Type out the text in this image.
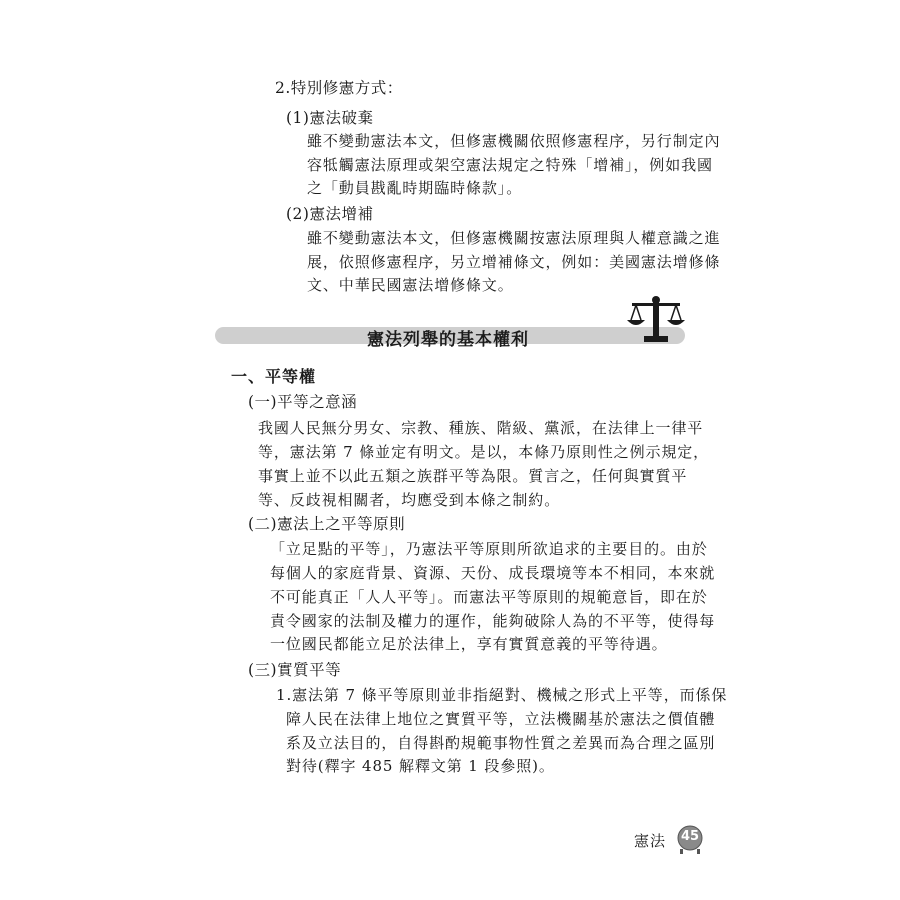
2.特別修憲方式：
(1)憲法破棄
雖不變動憲法本文，但修憲機關依照修憲程序，另行制定內
容牴觸憲法原理或架空憲法規定之特殊「增補」，例如我國
之「動員戡亂時期臨時條款」。
(2)憲法增補
雖不變動憲法本文，但修憲機關按憲法原理與人權意識之進
展，依照修憲程序，另立增補條文，例如：美國憲法增修條
文、中華民國憲法增修條文。
憲法列舉的基本權利
一、平等權
(一)平等之意涵
我國人民無分男女、宗教、種族、階級、黨派，在法律上一律平
等，憲法第 7 條並定有明文。是以，本條乃原則性之例示規定，
事實上並不以此五類之族群平等為限。質言之，任何與實質平
等、反歧視相關者，均應受到本條之制約。
(二)憲法上之平等原則
「立足點的平等」，乃憲法平等原則所欲追求的主要目的。由於
每個人的家庭背景、資源、天份、成長環境等本不相同，本來就
不可能真正「人人平等」。而憲法平等原則的規範意旨，即在於
責令國家的法制及權力的運作，能夠破除人為的不平等，使得每
一位國民都能立足於法律上，享有實質意義的平等待遇。
(三)實質平等
1.憲法第 7 條平等原則並非指絕對、機械之形式上平等，而係保
障人民在法律上地位之實質平等，立法機關基於憲法之價值體
系及立法目的，自得斟酌規範事物性質之差異而為合理之區別
對待(釋字 485 解釋文第 1 段參照)。
憲法	45
